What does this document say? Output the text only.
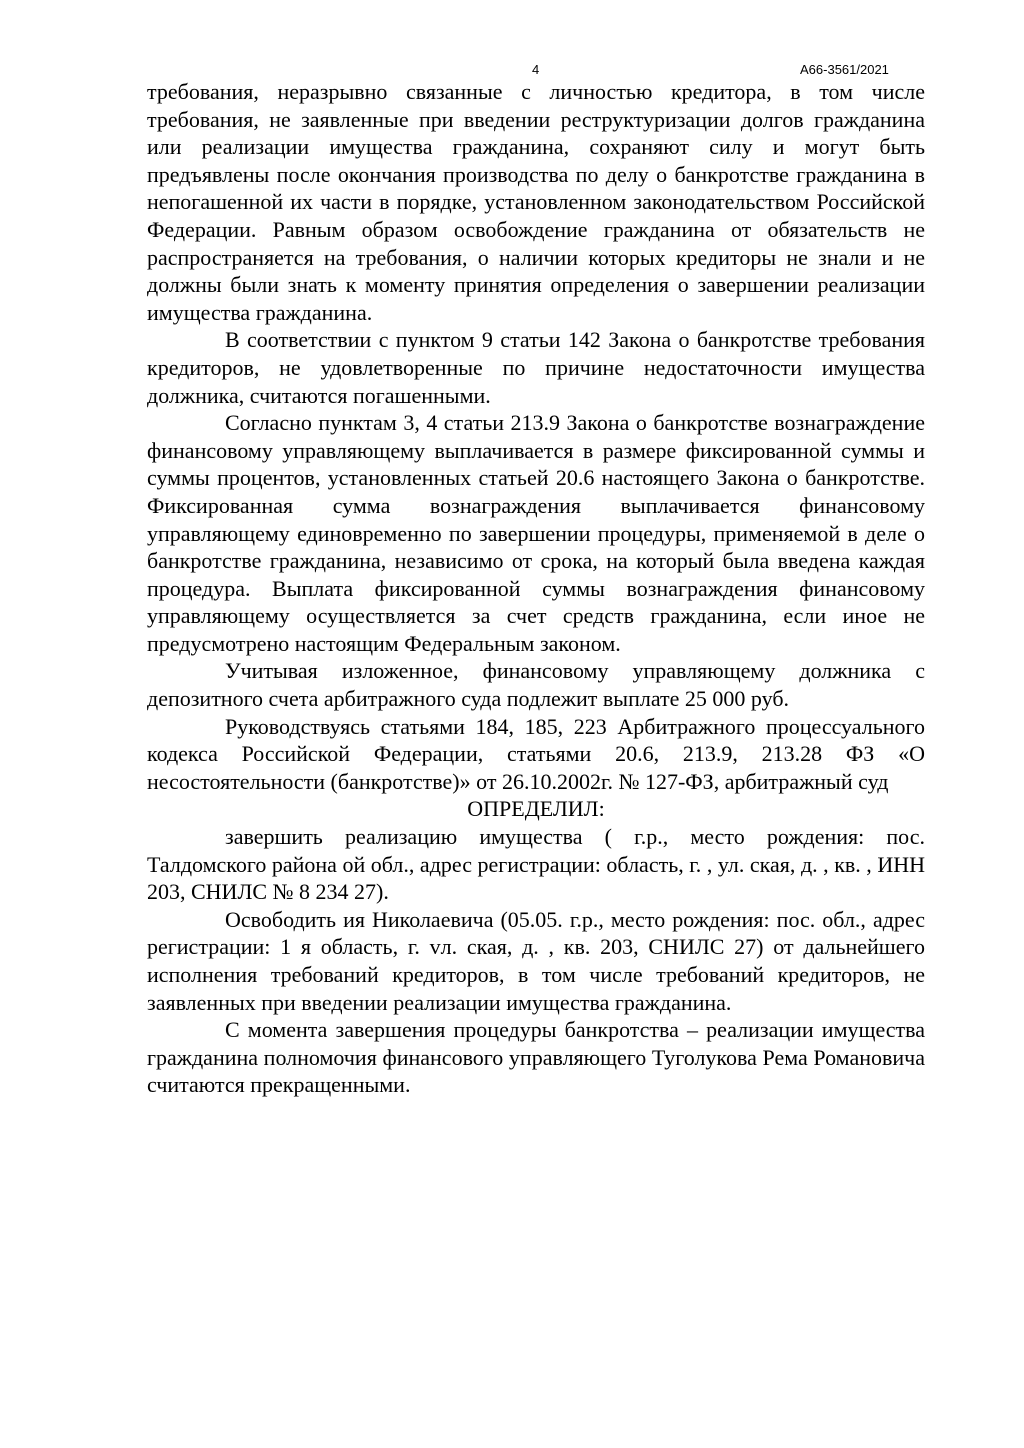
4	А66-3561/2021

требования, неразрывно связанные с личностью кредитора, в том числе требования, не заявленные при введении реструктуризации долгов гражданина или реализации имущества гражданина, сохраняют силу и могут быть предъявлены после окончания производства по делу о банкротстве гражданина в непогашенной их части в порядке, установленном законодательством Российской Федерации. Равным образом освобождение гражданина от обязательств не распространяется на требования, о наличии которых кредиторы не знали и не должны были знать к моменту принятия определения о завершении реализации имущества гражданина.

В соответствии с пунктом 9 статьи 142 Закона о банкротстве требования кредиторов, не удовлетворенные по причине недостаточности имущества должника, считаются погашенными.

Согласно пунктам 3, 4 статьи 213.9 Закона о банкротстве вознаграждение финансовому управляющему выплачивается в размере фиксированной суммы и суммы процентов, установленных статьей 20.6 настоящего Закона о банкротстве. Фиксированная сумма вознаграждения выплачивается финансовому управляющему единовременно по завершении процедуры, применяемой в деле о банкротстве гражданина, независимо от срока, на который была введена каждая процедура. Выплата фиксированной суммы вознаграждения финансовому управляющему осуществляется за счет средств гражданина, если иное не предусмотрено настоящим Федеральным законом.

Учитывая изложенное, финансовому управляющему должника с депозитного счета арбитражного суда подлежит выплате 25 000 руб.

Руководствуясь статьями 184, 185, 223 Арбитражного процессуального кодекса Российской Федерации, статьями 20.6, 213.9, 213.28 ФЗ «О несостоятельности (банкротстве)» от 26.10.2002г. № 127-ФЗ, арбитражный суд

ОПРЕДЕЛИЛ:

завершить реализацию имущества ( г.р., место рождения: пос. Талдомского района ой обл., адрес регистрации: область, г. , ул. ская, д. , кв. , ИНН 203, СНИЛС № 8 234 27).

Освободить ия Николаевича (05.05. г.р., место рождения: пос. обл., адрес регистрации: 1 я область, г. vл. ская, д. , кв. 203, СНИЛС 27) от дальнейшего исполнения требований кредиторов, в том числе требований кредиторов, не заявленных при введении реализации имущества гражданина.

С момента завершения процедуры банкротства – реализации имущества гражданина полномочия финансового управляющего Туголукова Рема Романовича считаются прекращенными.
